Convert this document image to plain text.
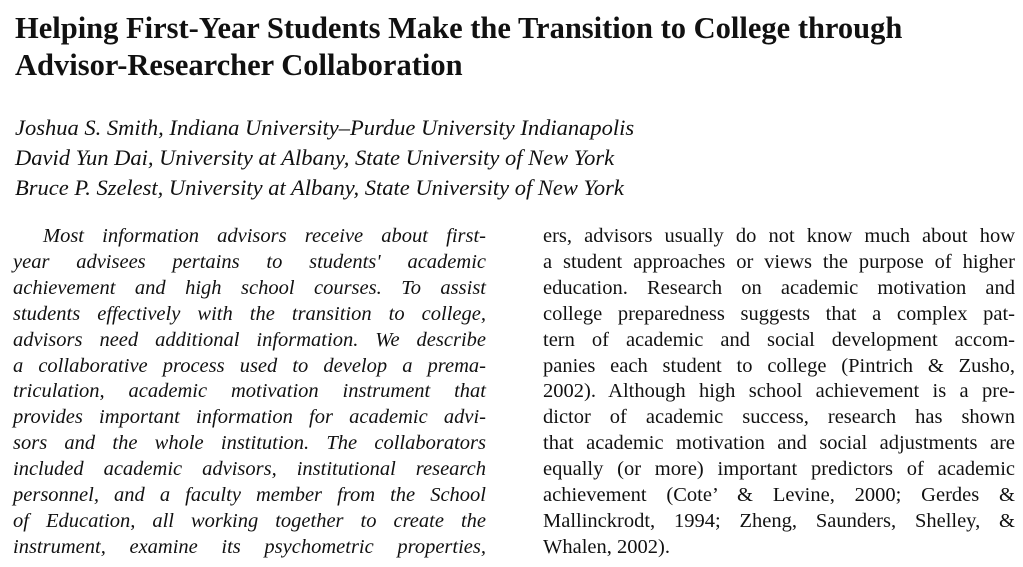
Helping First-Year Students Make the Transition to College through
Advisor-Researcher Collaboration
Joshua S. Smith, Indiana University–Purdue University Indianapolis
David Yun Dai, University at Albany, State University of New York
Bruce P. Szelest, University at Albany, State University of New York
Most information advisors receive about first-
year advisees pertains to students' academic
achievement and high school courses. To assist
students effectively with the transition to college,
advisors need additional information. We describe
a collaborative process used to develop a prema-
triculation, academic motivation instrument that
provides important information for academic advi-
sors and the whole institution. The collaborators
included academic advisors, institutional research
personnel, and a faculty member from the School
of Education, all working together to create the
instrument, examine its psychometric properties,
ers, advisors usually do not know much about how
a student approaches or views the purpose of higher
education. Research on academic motivation and
college preparedness suggests that a complex pat-
tern of academic and social development accom-
panies each student to college (Pintrich & Zusho,
2002). Although high school achievement is a pre-
dictor of academic success, research has shown
that academic motivation and social adjustments are
equally (or more) important predictors of academic
achievement (Cote’ & Levine, 2000; Gerdes &
Mallinckrodt, 1994; Zheng, Saunders, Shelley, &
Whalen, 2002).
